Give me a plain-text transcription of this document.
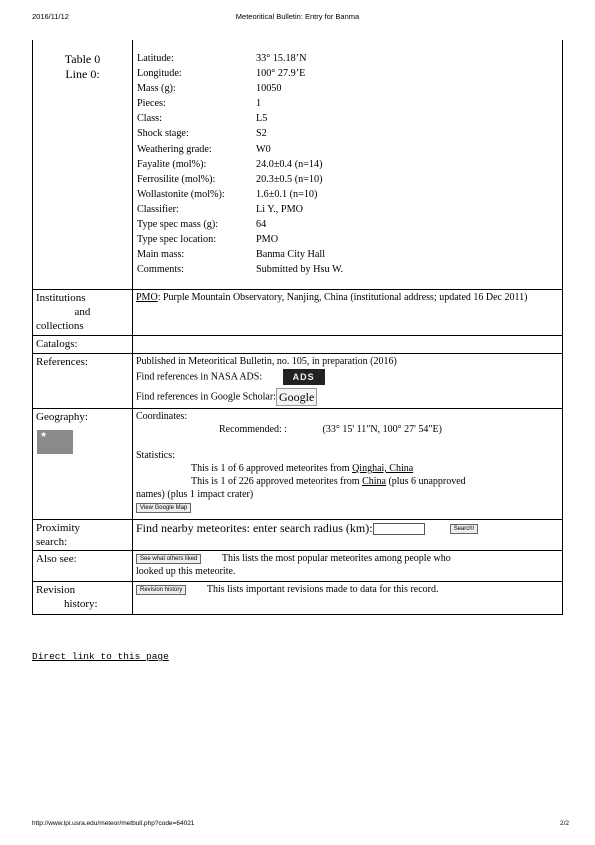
2016/11/12	Meteoritical Bulletin: Entry for Banma
Table 0
Line 0:

Latitude:	33° 15.18’N
Longitude:	100° 27.9’E
Mass (g):	10050
Pieces:	1
Class:	L5
Shock stage:	S2
Weathering grade:	W0
Fayalite (mol%):	24.0±0.4 (n=14)
Ferrosilite (mol%):	20.3±0.5 (n=10)
Wollastonite (mol%):	1.6±0.1 (n=10)
Classifier:	Li Y., PMO
Type spec mass (g):	64
Type spec location:	PMO
Main mass:	Banma City Hall
Comments:	Submitted by Hsu W.

Institutions
and
collections
	PMO: Purple Mountain Observatory, Nanjing, China (institutional address; updated 16 Dec 2011)
Catalogs:	
References:	Published in Meteoritical Bulletin, no. 105, in preparation (2016)
Find references in NASA ADS:	ADS
Find references in Google Scholar: Google

Geography:
★

Coordinates:
Recommended: :	(33° 15' 11"N, 100° 27' 54"E)
Statistics:
This is 1 of 6 approved meteorites from Qinghai, China
This is 1 of 226 approved meteorites from China (plus 6 unapproved
names) (plus 1 impact crater)
View Google Map
Proximity
search:	Find nearby meteorites: enter search radius (km):	Search!
Also see:	See what others liked This lists the most popular meteorites among people who
looked up this meteorite.

Revision
history:
	Revision history This lists important revisions made to data for this record.
Direct link to this page
http://www.lpi.usra.edu/meteor/metbull.php?code=64021	2/2
